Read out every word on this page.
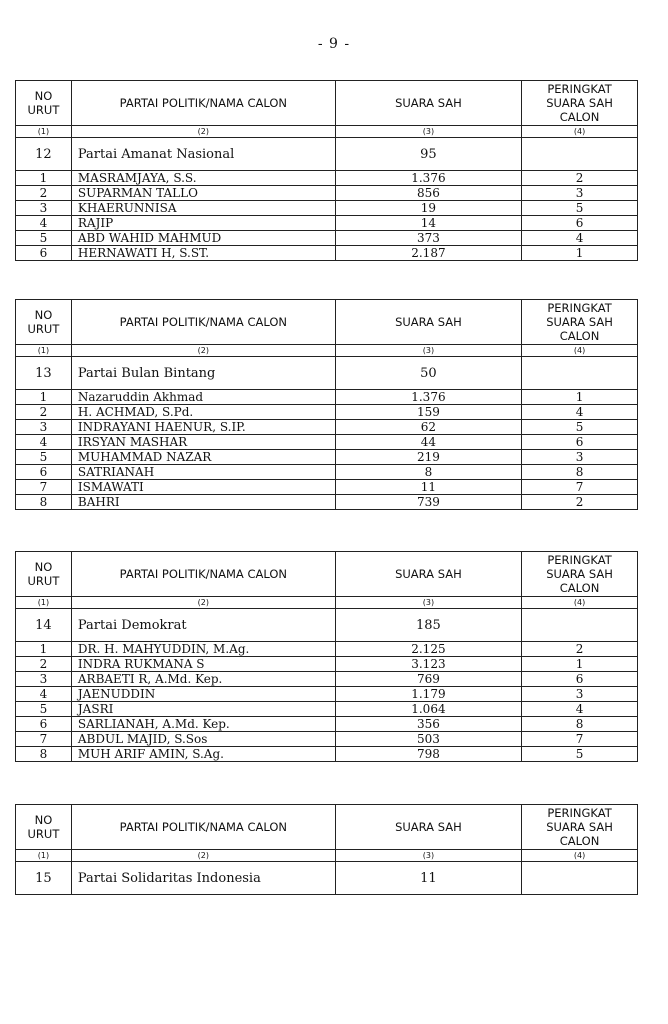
- 9 -
NO URUT	PARTAI POLITIK/NAMA CALON	SUARA SAH	PERINGKAT SUARA SAH CALON
(1)	(2)	(3)	(4)
12	Partai Amanat Nasional	95	
1	MASRAMJAYA, S.S.	1.376	2
2	SUPARMAN TALLO	856	3
3	KHAERUNNISA	19	5
4	RAJIP	14	6
5	ABD WAHID MAHMUD	373	4
6	HERNAWATI H, S.ST.	2.187	1
NO URUT	PARTAI POLITIK/NAMA CALON	SUARA SAH	PERINGKAT SUARA SAH CALON
(1)	(2)	(3)	(4)
13	Partai Bulan Bintang	50	
1	Nazaruddin Akhmad	1.376	1
2	H. ACHMAD, S.Pd.	159	4
3	INDRAYANI HAENUR, S.IP.	62	5
4	IRSYAN MASHAR	44	6
5	MUHAMMAD NAZAR	219	3
6	SATRIANAH	8	8
7	ISMAWATI	11	7
8	BAHRI	739	2
NO URUT	PARTAI POLITIK/NAMA CALON	SUARA SAH	PERINGKAT SUARA SAH CALON
(1)	(2)	(3)	(4)
14	Partai Demokrat	185	
1	DR. H. MAHYUDDIN, M.Ag.	2.125	2
2	INDRA RUKMANA S	3.123	1
3	ARBAETI R, A.Md. Kep.	769	6
4	JAENUDDIN	1.179	3
5	JASRI	1.064	4
6	SARLIANAH, A.Md. Kep.	356	8
7	ABDUL MAJID, S.Sos	503	7
8	MUH ARIF AMIN, S.Ag.	798	5
NO URUT	PARTAI POLITIK/NAMA CALON	SUARA SAH	PERINGKAT SUARA SAH CALON
(1)	(2)	(3)	(4)
15	Partai Solidaritas Indonesia	11	
